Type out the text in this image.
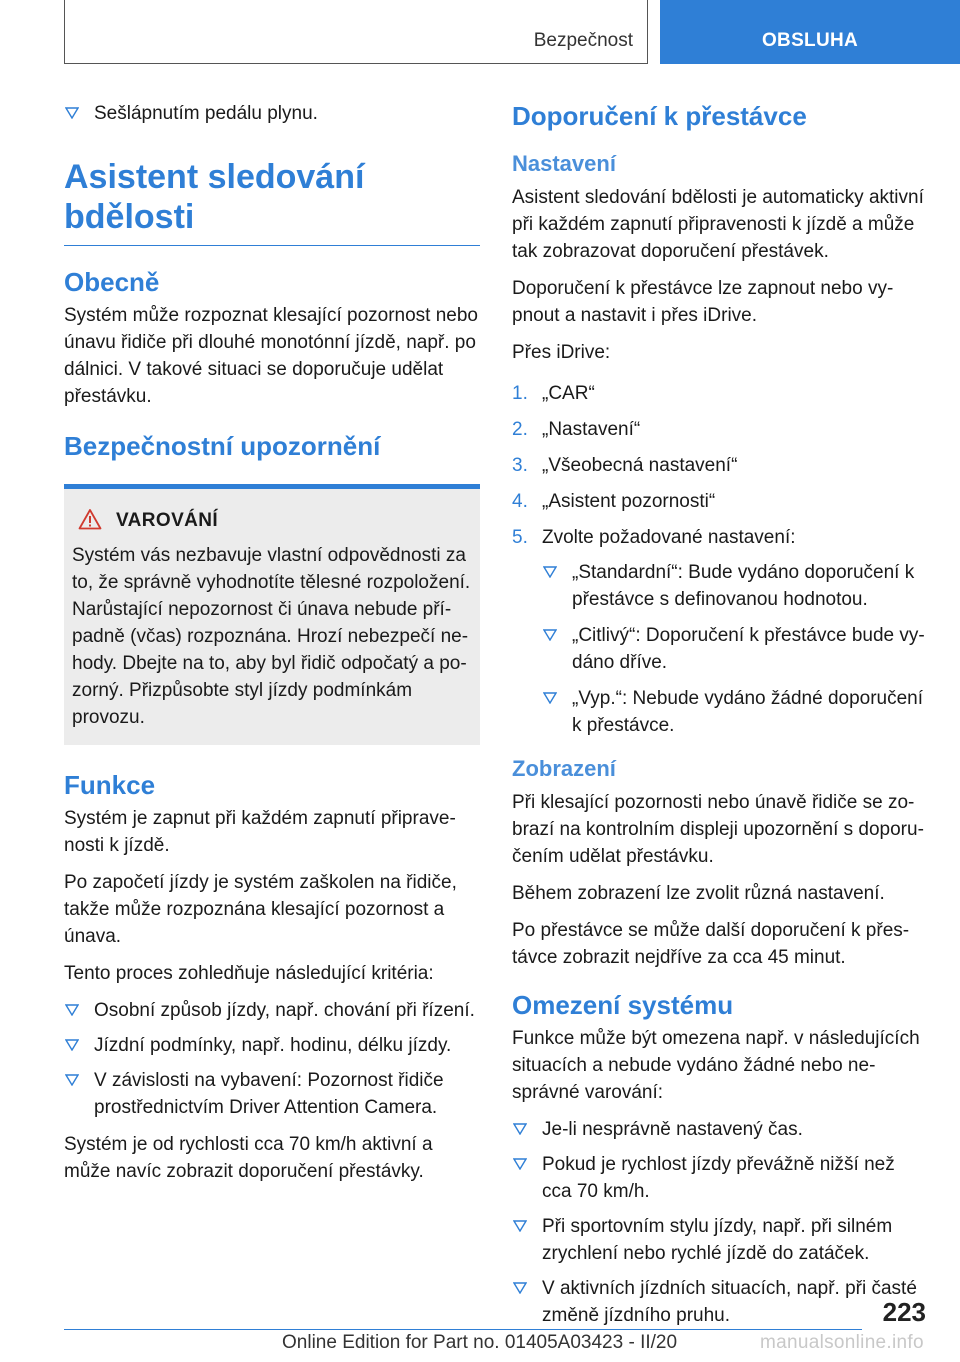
Bezpečnost	OBSLUHA
Sešlápnutím pedálu plynu.
Asistent sledování bdělosti
Obecně

Systém může rozpoznat klesající pozornost nebo únavu řidiče při dlouhé monotónní jízdě, např. po dálnici. V takové situaci se doporučuje udělat přestávku.

Bezpečnostní upozornění
VAROVÁNÍ

Systém vás nezbavuje vlastní odpovědnosti za to, že správně vyhodnotíte tělesné rozpoložení. Narůstající nepozornost či únava nebude případně (včas) rozpoznána. Hrozí nebezpečí nehody. Dbejte na to, aby byl řidič odpočatý a pozorný. Přizpůsobte styl jízdy podmínkám provozu.

Funkce

Systém je zapnut při každém zapnutí připravenosti k jízdě.

Po započetí jízdy je systém zaškolen na řidiče, takže může rozpoznána klesající pozornost a únava.

Tento proces zohledňuje následující kritéria:

Osobní způsob jízdy, např. chování při řízení.
Jízdní podmínky, např. hodinu, délku jízdy.
V závislosti na vybavení: Pozornost řidiče prostřednictvím Driver Attention Camera.

Systém je od rychlosti cca 70 km/h aktivní a může navíc zobrazit doporučení přestávky.

Doporučení k přestávce
Nastavení

Asistent sledování bdělosti je automaticky aktivní při každém zapnutí připravenosti k jízdě a může tak zobrazovat doporučení přestávek.

Doporučení k přestávce lze zapnout nebo vypnout a nastavit i přes iDrive.

Přes iDrive:

1. „CAR“
2. „Nastavení“
3. „Všeobecná nastavení“
4. „Asistent pozornosti“
5. Zvolte požadované nastavení:
„Standardní“: Bude vydáno doporučení k přestávce s definovanou hodnotou.
„Citlivý“: Doporučení k přestávce bude vydáno dříve.
„Vyp.“: Nebude vydáno žádné doporučení k přestávce.
Zobrazení

Při klesající pozornosti nebo únavě řidiče se zobrazí na kontrolním displeji upozornění s doporučením udělat přestávku.

Během zobrazení lze zvolit různá nastavení.

Po přestávce se může další doporučení k přestávce zobrazit nejdříve za cca 45 minut.

Omezení systému

Funkce může být omezena např. v následujících situacích a nebude vydáno žádné nebo nesprávné varování:

Je-li nesprávně nastavený čas.
Pokud je rychlost jízdy převážně nižší než cca 70 km/h.
Při sportovním stylu jízdy, např. při silném zrychlení nebo rychlé jízdě do zatáček.
V aktivních jízdních situacích, např. při časté změně jízdního pruhu.	223
Online Edition for Part no. 01405A03423 - II/20	manualsonline.info
